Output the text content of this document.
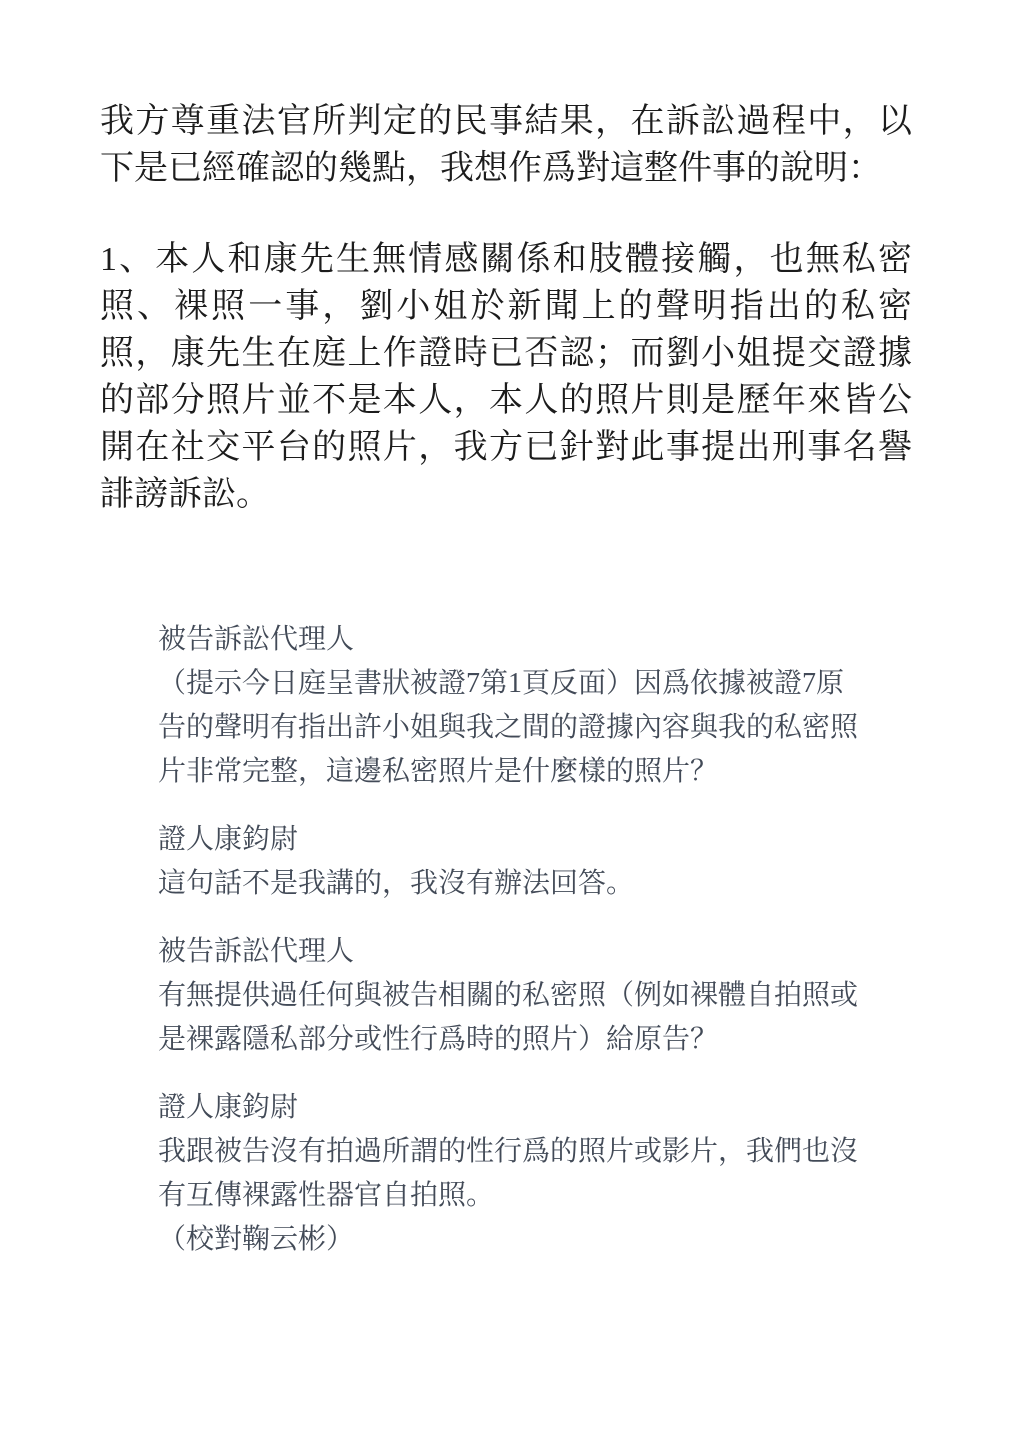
我方尊重法官所判定的民事結果，在訴訟過程中，以下是已經確認的幾點，我想作爲對這整件事的說明：

1、本人和康先生無情感關係和肢體接觸，也無私密照、裸照一事，劉小姐於新聞上的聲明指出的私密照，康先生在庭上作證時已否認；而劉小姐提交證據的部分照片並不是本人，本人的照片則是歷年來皆公開在社交平台的照片，我方已針對此事提出刑事名譽誹謗訴訟。

被告訴訟代理人

（提示今日庭呈書狀被證7第1頁反面）因爲依據被證7原告的聲明有指出許小姐與我之間的證據內容與我的私密照片非常完整，這邊私密照片是什麼樣的照片？

證人康鈞尉

這句話不是我講的，我沒有辦法回答。

被告訴訟代理人

有無提供過任何與被告相關的私密照（例如裸體自拍照或是裸露隱私部分或性行爲時的照片）給原告？

證人康鈞尉

我跟被告沒有拍過所謂的性行爲的照片或影片，我們也沒有互傳裸露性器官自拍照。

（校對鞠云彬）
